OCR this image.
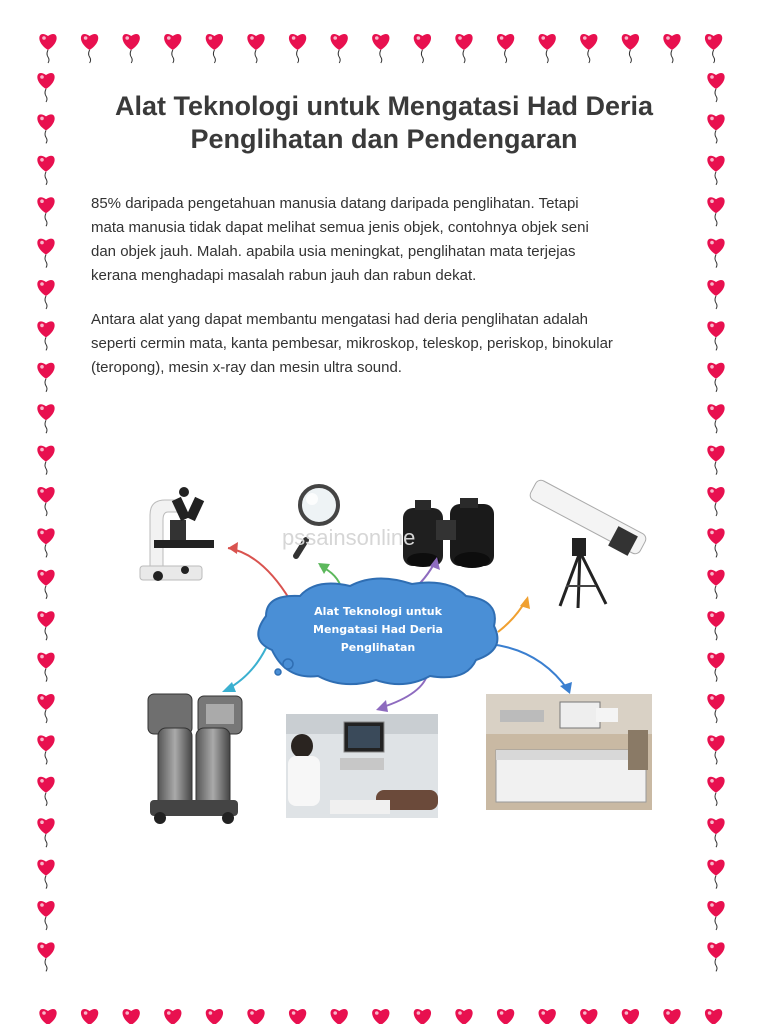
Alat Teknologi untuk Mengatasi Had Deria
Penglihatan dan Pendengaran

85% daripada pengetahuan manusia datang daripada penglihatan. Tetapi
mata manusia tidak dapat melihat semua jenis objek, contohnya objek seni
dan objek jauh. Malah. apabila usia meningkat, penglihatan mata terjejas
kerana menghadapi masalah rabun jauh dan rabun dekat.

Antara alat yang dapat membantu mengatasi had deria penglihatan adalah
seperti cermin mata, kanta pembesar, mikroskop, teleskop, periskop, binokular
(teropong), mesin x-ray dan mesin ultra sound.

pssainsonline
Alat Teknologi untuk
Mengatasi Had Deria
Penglihatan
